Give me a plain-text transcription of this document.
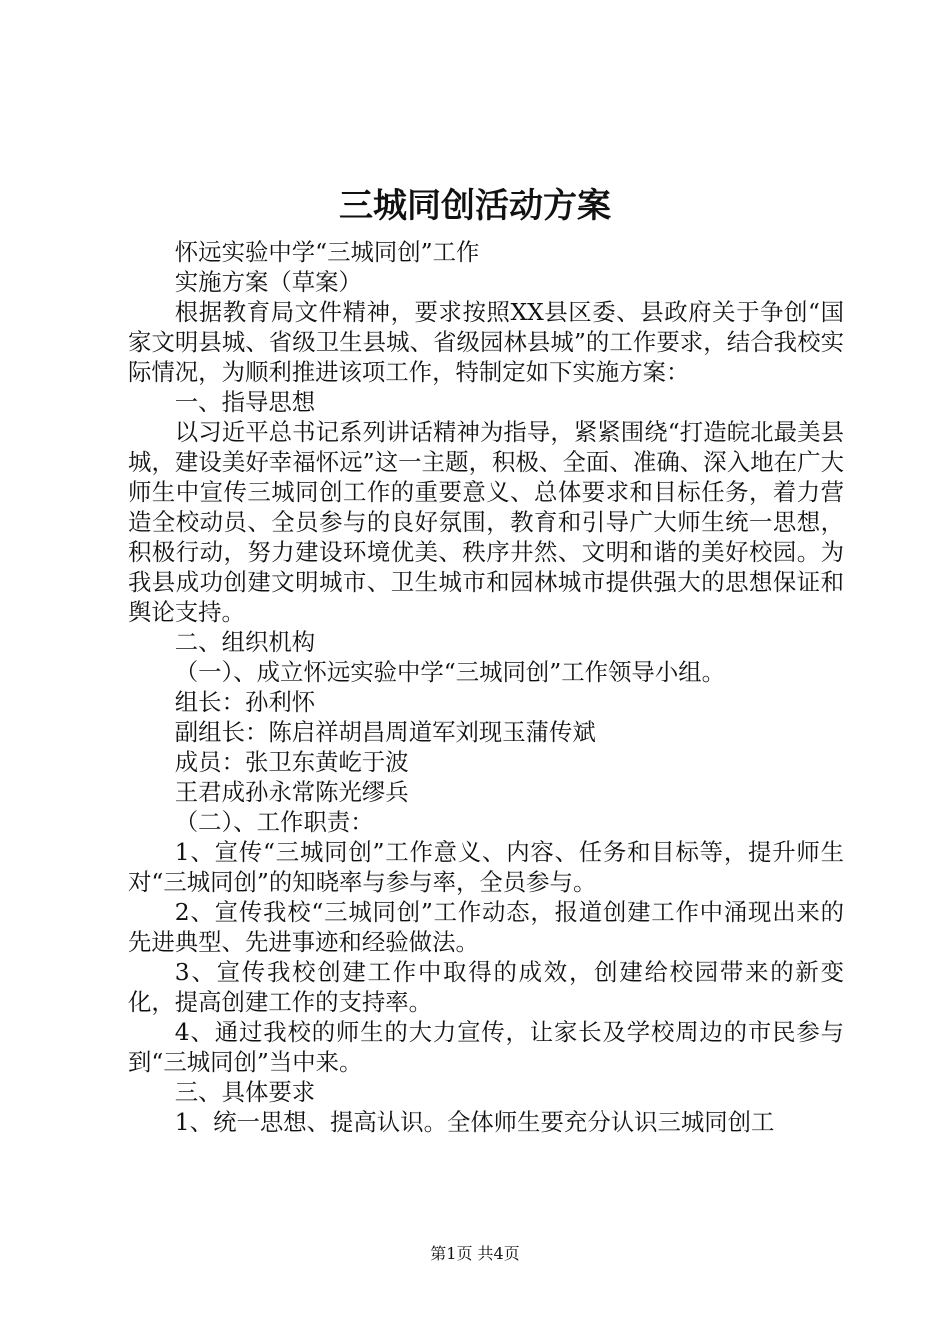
三城同创活动方案

怀远实验中学“三城同创”工作

实施方案（草案）

根据教育局文件精神，要求按照XX县区委、县政府关于争创“国家文明县城、省级卫生县城、省级园林县城”的工作要求，结合我校实际情况，为顺利推进该项工作，特制定如下实施方案：

一、指导思想

以习近平总书记系列讲话精神为指导，紧紧围绕“打造皖北最美县城，建设美好幸福怀远”这一主题，积极、全面、准确、深入地在广大师生中宣传三城同创工作的重要意义、总体要求和目标任务，着力营造全校动员、全员参与的良好氛围，教育和引导广大师生统一思想，积极行动，努力建设环境优美、秩序井然、文明和谐的美好校园。为我县成功创建文明城市、卫生城市和园林城市提供强大的思想保证和舆论支持。

二、组织机构

（一）、成立怀远实验中学“三城同创”工作领导小组。

组长：孙利怀

副组长：陈启祥胡昌周道军刘现玉蒲传斌

成员：张卫东黄屹于波

王君成孙永常陈光缪兵

（二）、工作职责：

1、宣传“三城同创”工作意义、内容、任务和目标等，提升师生对“三城同创”的知晓率与参与率，全员参与。

2、宣传我校“三城同创”工作动态，报道创建工作中涌现出来的先进典型、先进事迹和经验做法。

3、宣传我校创建工作中取得的成效，创建给校园带来的新变化，提高创建工作的支持率。

4、通过我校的师生的大力宣传，让家长及学校周边的市民参与到“三城同创”当中来。

三、具体要求

1、统一思想、提高认识。全体师生要充分认识三城同创工

第1页 共4页
